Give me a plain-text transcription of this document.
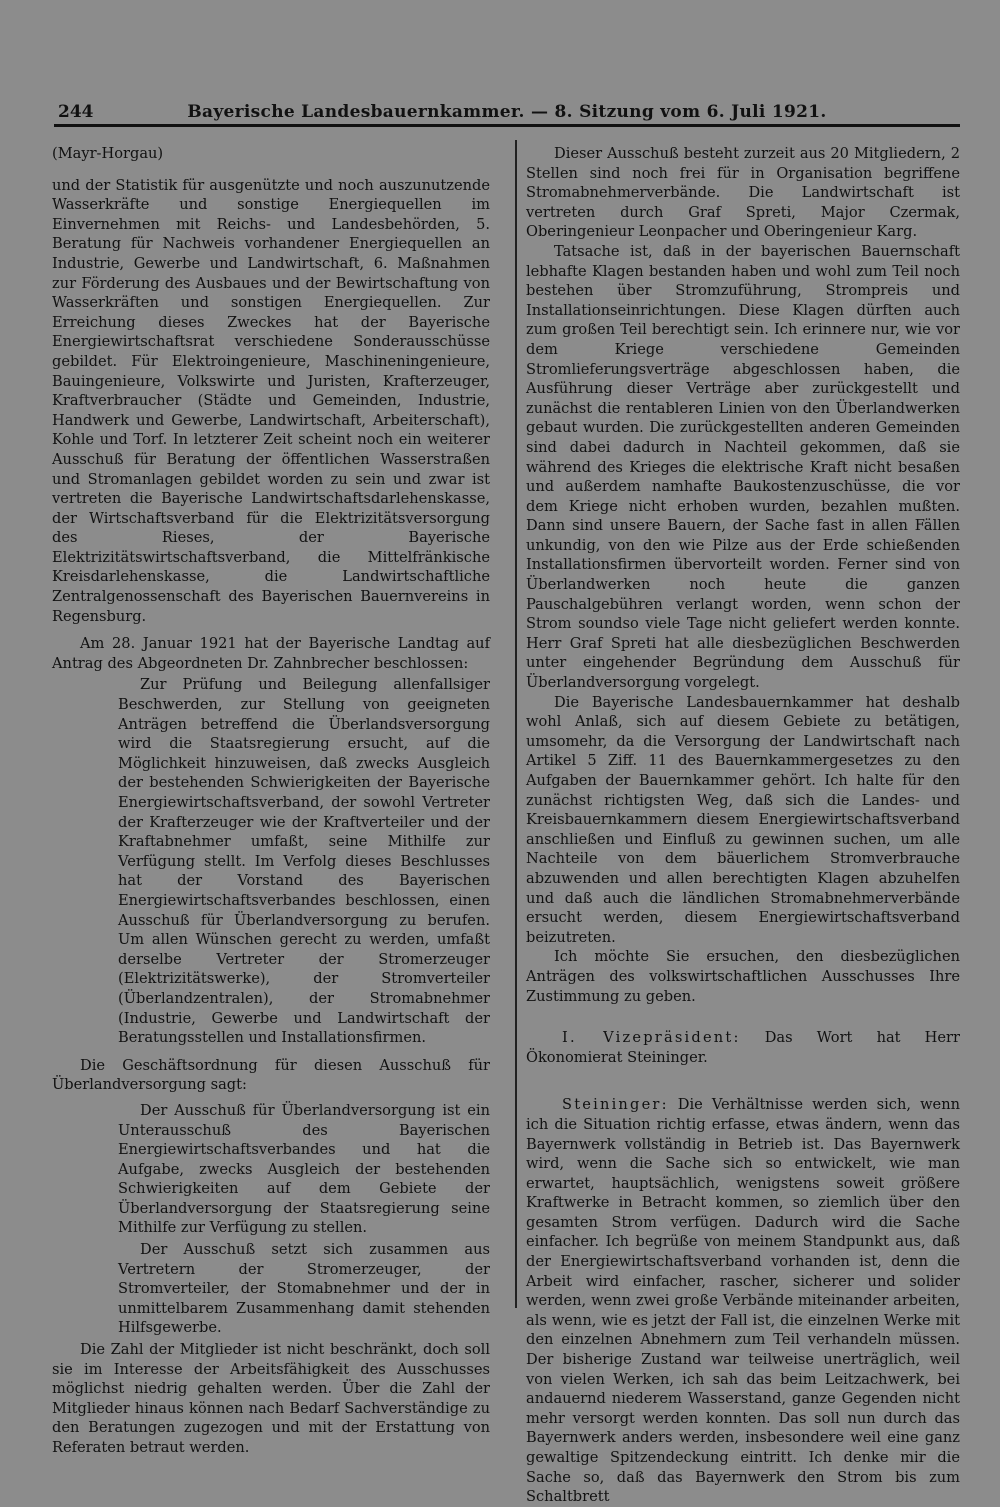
244	Bayerische Landesbauernkammer. — 8. Sitzung vom 6. Juli 1921.

(Mayr-Horgau)

und der Statistik für ausgenützte und noch auszunutzende Wasserkräfte und sonstige Energiequellen im Einvernehmen mit Reichs- und Landesbehörden, 5. Beratung für Nachweis vorhandener Energiequellen an Industrie, Gewerbe und Landwirtschaft, 6. Maßnahmen zur Förderung des Ausbaues und der Bewirtschaftung von Wasserkräften und sonstigen Energiequellen. Zur Erreichung dieses Zweckes hat der Bayerische Energiewirtschaftsrat verschiedene Sonderausschüsse gebildet. Für Elektroingenieure, Maschineningenieure, Bauingenieure, Volkswirte und Juristen, Krafterzeuger, Kraftverbraucher (Städte und Gemeinden, Industrie, Handwerk und Gewerbe, Landwirtschaft, Arbeiterschaft), Kohle und Torf. In letzterer Zeit scheint noch ein weiterer Ausschuß für Beratung der öffentlichen Wasserstraßen und Stromanlagen gebildet worden zu sein und zwar ist vertreten die Bayerische Landwirtschaftsdarlehenskasse, der Wirtschaftsverband für die Elektrizitätsversorgung des Rieses, der Bayerische Elektrizitätswirtschaftsverband, die Mittelfränkische Kreisdarlehenskasse, die Landwirtschaftliche Zentralgenossenschaft des Bayerischen Bauernvereins in Regensburg.

Am 28. Januar 1921 hat der Bayerische Landtag auf Antrag des Abgeordneten Dr. Zahnbrecher beschlossen:

Zur Prüfung und Beilegung allenfallsiger Beschwerden, zur Stellung von geeigneten Anträgen betreffend die Überlandsversorgung wird die Staatsregierung ersucht, auf die Möglichkeit hinzuweisen, daß zwecks Ausgleich der bestehenden Schwierigkeiten der Bayerische Energiewirtschaftsverband, der sowohl Vertreter der Krafterzeuger wie der Kraftverteiler und der Kraftabnehmer umfaßt, seine Mithilfe zur Verfügung stellt. Im Verfolg dieses Beschlusses hat der Vorstand des Bayerischen Energiewirtschaftsverbandes beschlossen, einen Ausschuß für Überlandversorgung zu berufen. Um allen Wünschen gerecht zu werden, umfaßt derselbe Vertreter der Stromerzeuger (Elektrizitätswerke), der Stromverteiler (Überlandzentralen), der Stromabnehmer (Industrie, Gewerbe und Landwirtschaft der Beratungsstellen und Installationsfirmen.

Die Geschäftsordnung für diesen Ausschuß für Überlandversorgung sagt:

Der Ausschuß für Überlandversorgung ist ein Unterausschuß des Bayerischen Energiewirtschaftsverbandes und hat die Aufgabe, zwecks Ausgleich der bestehenden Schwierigkeiten auf dem Gebiete der Überlandversorgung der Staatsregierung seine Mithilfe zur Verfügung zu stellen.

Der Ausschuß setzt sich zusammen aus Vertretern der Stromerzeuger, der Stromverteiler, der Stomabnehmer und der in unmittelbarem Zusammenhang damit stehenden Hilfsgewerbe.

Die Zahl der Mitglieder ist nicht beschränkt, doch soll sie im Interesse der Arbeitsfähigkeit des Ausschusses möglichst niedrig gehalten werden. Über die Zahl der Mitglieder hinaus können nach Bedarf Sachverständige zu den Beratungen zugezogen und mit der Erstattung von Referaten betraut werden.

Dieser Ausschuß besteht zurzeit aus 20 Mitgliedern, 2 Stellen sind noch frei für in Organisation begriffene Stromabnehmerverbände. Die Landwirtschaft ist vertreten durch Graf Spreti, Major Czermak, Oberingenieur Leonpacher und Oberingenieur Karg.

Tatsache ist, daß in der bayerischen Bauernschaft lebhafte Klagen bestanden haben und wohl zum Teil noch bestehen über Stromzuführung, Strompreis und Installationseinrichtungen. Diese Klagen dürften auch zum großen Teil berechtigt sein. Ich erinnere nur, wie vor dem Kriege verschiedene Gemeinden Stromlieferungsverträge abgeschlossen haben, die Ausführung dieser Verträge aber zurückgestellt und zunächst die rentableren Linien von den Überlandwerken gebaut wurden. Die zurückgestellten anderen Gemeinden sind dabei dadurch in Nachteil gekommen, daß sie während des Krieges die elektrische Kraft nicht besaßen und außerdem namhafte Baukostenzuschüsse, die vor dem Kriege nicht erhoben wurden, bezahlen mußten. Dann sind unsere Bauern, der Sache fast in allen Fällen unkundig, von den wie Pilze aus der Erde schießenden Installationsfirmen übervorteilt worden. Ferner sind von Überlandwerken noch heute die ganzen Pauschalgebühren verlangt worden, wenn schon der Strom soundso viele Tage nicht geliefert werden konnte. Herr Graf Spreti hat alle diesbezüglichen Beschwerden unter eingehender Begründung dem Ausschuß für Überlandversorgung vorgelegt.

Die Bayerische Landesbauernkammer hat deshalb wohl Anlaß, sich auf diesem Gebiete zu betätigen, umsomehr, da die Versorgung der Landwirtschaft nach Artikel 5 Ziff. 11 des Bauernkammergesetzes zu den Aufgaben der Bauernkammer gehört. Ich halte für den zunächst richtigsten Weg, daß sich die Landes- und Kreisbauernkammern diesem Energiewirtschaftsverband anschließen und Einfluß zu gewinnen suchen, um alle Nachteile von dem bäuerlichem Stromverbrauche abzuwenden und allen berechtigten Klagen abzuhelfen und daß auch die ländlichen Stromabnehmerverbände ersucht werden, diesem Energiewirtschaftsverband beizutreten.

Ich möchte Sie ersuchen, den diesbezüglichen Anträgen des volkswirtschaftlichen Ausschusses Ihre Zustimmung zu geben.

I. Vizepräsident: Das Wort hat Herr Ökonomierat Steininger.

Steininger: Die Verhältnisse werden sich, wenn ich die Situation richtig erfasse, etwas ändern, wenn das Bayernwerk vollständig in Betrieb ist. Das Bayernwerk wird, wenn die Sache sich so entwickelt, wie man erwartet, hauptsächlich, wenigstens soweit größere Kraftwerke in Betracht kommen, so ziemlich über den gesamten Strom verfügen. Dadurch wird die Sache einfacher. Ich begrüße von meinem Standpunkt aus, daß der Energiewirtschaftsverband vorhanden ist, denn die Arbeit wird einfacher, rascher, sicherer und solider werden, wenn zwei große Verbände miteinander arbeiten, als wenn, wie es jetzt der Fall ist, die einzelnen Werke mit den einzelnen Abnehmern zum Teil verhandeln müssen. Der bisherige Zustand war teilweise unerträglich, weil von vielen Werken, ich sah das beim Leitzachwerk, bei andauernd niederem Wasserstand, ganze Gegenden nicht mehr versorgt werden konnten. Das soll nun durch das Bayernwerk anders werden, insbesondere weil eine ganz gewaltige Spitzendeckung eintritt. Ich denke mir die Sache so, daß das Bayernwerk den Strom bis zum Schaltbrett
